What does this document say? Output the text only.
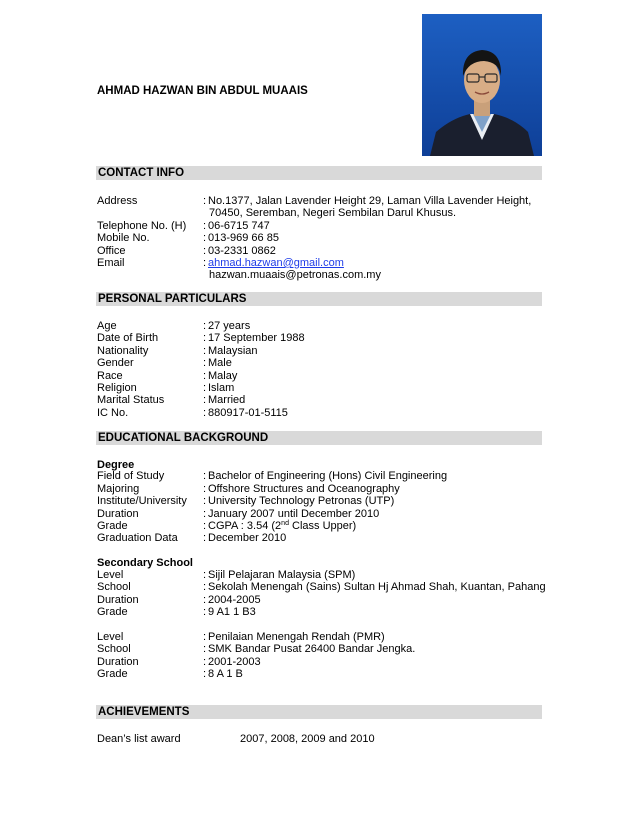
AHMAD HAZWAN BIN ABDUL MUAAIS
CONTACT INFO
Address	: No.1377, Jalan Lavender Height 29, Laman Villa Lavender Height,
70450, Seremban, Negeri Sembilan Darul Khusus.
Telephone No. (H) : 06-6715 747
Mobile No.	: 013-969 66 85
Office	: 03-2331 0862
Email	: ahmad.hazwan@gmail.com
hazwan.muaais@petronas.com.my
PERSONAL PARTICULARS
Age	: 27 years
Date of Birth	: 17 September 1988
Nationality	: Malaysian
Gender	: Male
Race	: Malay
Religion	: Islam
Marital Status	: Married
IC No.	: 880917-01-5115
EDUCATIONAL BACKGROUND
Degree
Field of Study	: Bachelor of Engineering (Hons) Civil Engineering
Majoring	: Offshore Structures and Oceanography
Institute/University : University Technology Petronas (UTP)
Duration	: January 2007 until December 2010
Grade	: CGPA : 3.54 (2nd Class Upper)
Graduation Data : December 2010
Secondary School
Level	: Sijil Pelajaran Malaysia (SPM)
School	: Sekolah Menengah (Sains) Sultan Hj Ahmad Shah, Kuantan, Pahang
Duration	: 2004-2005
Grade	: 9 A1 1 B3
Level	: Penilaian Menengah Rendah (PMR)
School	: SMK Bandar Pusat 26400 Bandar Jengka.
Duration	: 2001-2003
Grade	: 8 A 1 B
ACHIEVEMENTS
Dean’s list award	2007, 2008, 2009 and 2010
